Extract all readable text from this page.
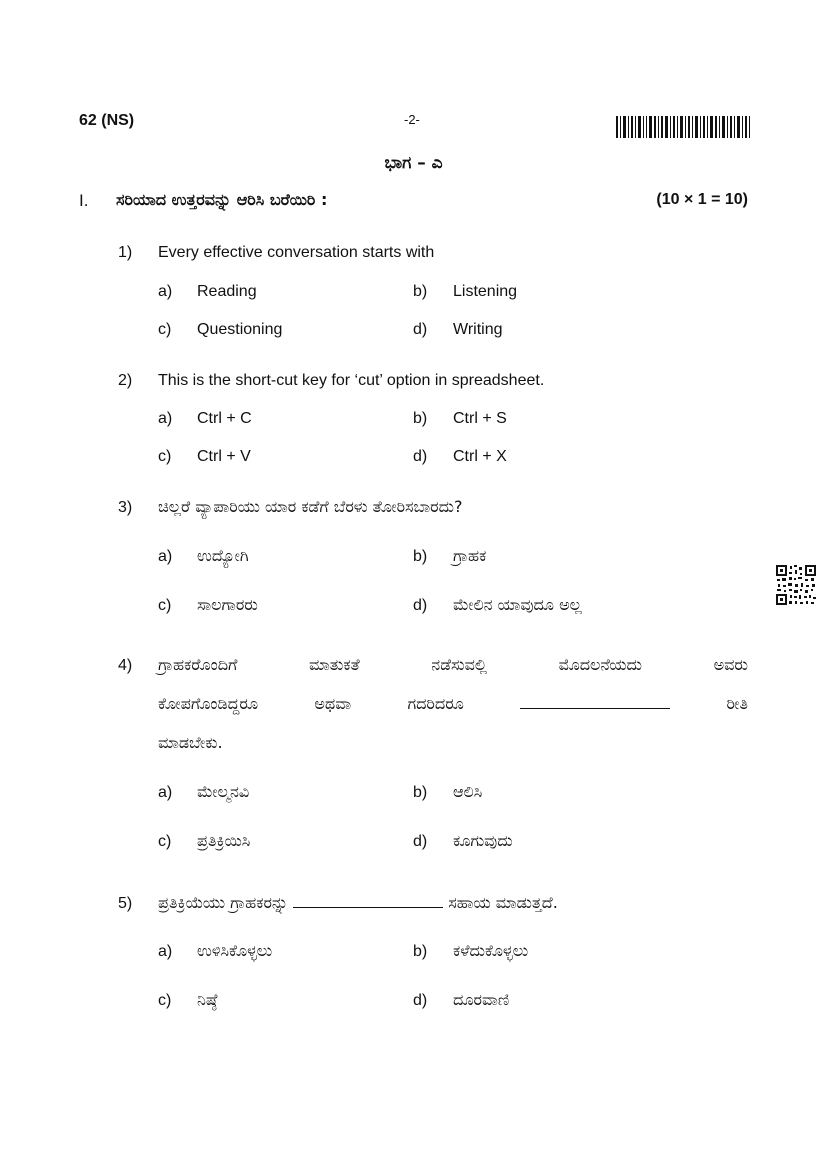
62 (NS)	-2-
ಭಾಗ – ಎ
I. ಸರಿಯಾದ ಉತ್ತರವನ್ನು ಆರಿಸಿ ಬರೆಯಿರಿ :	(10 × 1 = 10)
1) Every effective conversation starts with
a) Reading	b) Listening
c) Questioning	d) Writing
2) This is the short-cut key for ‘cut’ option in spreadsheet.
a) Ctrl + C	b) Ctrl + S
c) Ctrl + V	d) Ctrl + X
3) ಚಿಲ್ಲರೆ ವ್ಯಾಪಾರಿಯು ಯಾರ ಕಡೆಗೆ ಬೆರಳು ತೋರಿಸಬಾರದು?
a) ಉದ್ಯೋಗಿ	b) ಗ್ರಾಹಕ
c) ಸಾಲಗಾರರು	d) ಮೇಲಿನ ಯಾವುದೂ ಅಲ್ಲ
4) ಗ್ರಾಹಕರೊಂದಿಗೆ	ಮಾತುಕತೆ	ನಡೆಸುವಲ್ಲಿ	ಮೊದಲನೆಯದು	ಅವರು
ಕೋಪಗೊಂಡಿದ್ದರೂ	ಅಥವಾ	ಗದರಿದರೂ	ರೀತಿ
ಮಾಡಬೇಕು.
a) ಮೇಲ್ಮನವಿ	b) ಆಲಿಸಿ
c) ಪ್ರತಿಕ್ರಿಯಿಸಿ	d) ಕೂಗುವುದು
5) ಪ್ರತಿಕ್ರಿಯೆಯು ಗ್ರಾಹಕರನ್ನು	ಸಹಾಯ ಮಾಡುತ್ತದೆ.
a) ಉಳಿಸಿಕೊಳ್ಳಲು	b) ಕಳೆದುಕೊಳ್ಳಲು
c) ನಿಷ್ಠೆ	d) ದೂರವಾಣಿ
